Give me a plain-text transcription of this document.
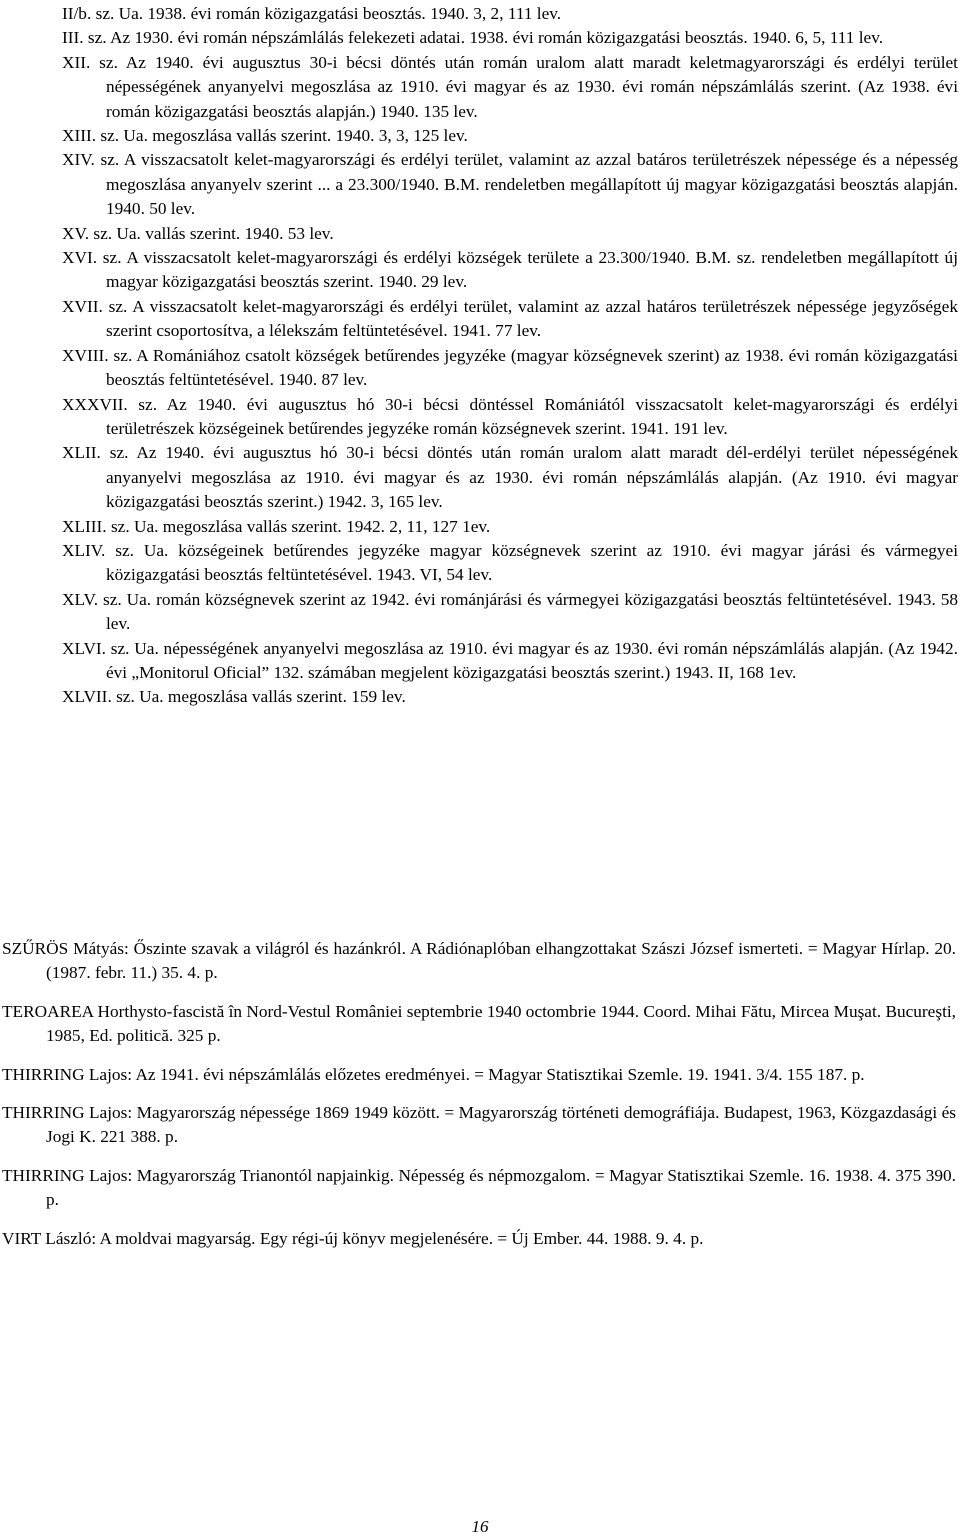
II/b. sz. Ua. 1938. évi román közigazgatási beosztás. 1940. 3, 2, 111 lev.

III. sz. Az 1930. évi román népszámlálás felekezeti adatai. 1938. évi román közigazgatási beosztás. 1940. 6, 5, 111 lev.

XII. sz. Az 1940. évi augusztus 30-i bécsi döntés után román uralom alatt maradt keletmagyarországi és erdélyi terület népességének anyanyelvi megoszlása az 1910. évi magyar és az 1930. évi román népszámlálás szerint. (Az 1938. évi román közigazgatási beosztás alapján.) 1940. 135 lev.

XIII. sz. Ua. megoszlása vallás szerint. 1940. 3, 3, 125 lev.

XIV. sz. A visszacsatolt kelet-magyarországi és erdélyi terület, valamint az azzal batáros területrészek népessége és a népesség megoszlása anyanyelv szerint ... a 23.300/1940. B.M. rendeletben megállapított új magyar közigazgatási beosztás alapján. 1940. 50 lev.

XV. sz. Ua. vallás szerint. 1940. 53 lev.

XVI. sz. A visszacsatolt kelet-magyarországi és erdélyi községek területe a 23.300/1940. B.M. sz. rendeletben megállapított új magyar közigazgatási beosztás szerint. 1940. 29 lev.

XVII. sz. A visszacsatolt kelet-magyarországi és erdélyi terület, valamint az azzal határos területrészek népessége jegyzőségek szerint csoportosítva, a lélekszám feltüntetésével. 1941. 77 lev.

XVIII. sz. A Romániához csatolt községek betűrendes jegyzéke (magyar községnevek szerint) az 1938. évi román közigazgatási beosztás feltüntetésével. 1940. 87 lev.

XXXVII. sz. Az 1940. évi augusztus hó 30-i bécsi döntéssel Romániától visszacsatolt kelet-magyarországi és erdélyi területrészek községeinek betűrendes jegyzéke román községnevek szerint. 1941. 191 lev.

XLII. sz. Az 1940. évi augusztus hó 30-i bécsi döntés után román uralom alatt maradt dél-erdélyi terület népességének anyanyelvi megoszlása az 1910. évi magyar és az 1930. évi román népszámlálás alapján. (Az 1910. évi magyar közigazgatási beosztás szerint.) 1942. 3, 165 lev.

XLIII. sz. Ua. megoszlása vallás szerint. 1942. 2, 11, 127 1ev.

XLIV. sz. Ua. községeinek betűrendes jegyzéke magyar községnevek szerint az 1910. évi magyar járási és vármegyei közigazgatási beosztás feltüntetésével. 1943. VI, 54 lev.

XLV. sz. Ua. román községnevek szerint az 1942. évi románjárási és vármegyei közigazgatási beosztás feltüntetésével. 1943. 58 lev.

XLVI. sz. Ua. népességének anyanyelvi megoszlása az 1910. évi magyar és az 1930. évi román népszámlálás alapján. (Az 1942. évi „Monitorul Oficial” 132. számában megjelent közigazgatási beosztás szerint.) 1943. II, 168 1ev.

XLVII. sz. Ua. megoszlása vallás szerint. 159 lev.

SZŰRÖS Mátyás: Őszinte szavak a világról és hazánkról. A Rádiónaplóban elhangzottakat Szászi József ismerteti. = Magyar Hírlap. 20. (1987. febr. 11.) 35. 4. p.

TEROAREA Horthysto-fascistă în Nord-Vestul României septembrie 1940 octombrie 1944. Coord. Mihai Fătu, Mircea Muşat. Bucureşti, 1985, Ed. politică. 325 p.

THIRRING Lajos: Az 1941. évi népszámlálás előzetes eredményei. = Magyar Statisztikai Szemle. 19. 1941. 3/4. 155 187. p.

THIRRING Lajos: Magyarország népessége 1869 1949 között. = Magyarország történeti demográfiája. Budapest, 1963, Közgazdasági és Jogi K. 221 388. p.

THIRRING Lajos: Magyarország Trianontól napjainkig. Népesség és népmozgalom. = Magyar Statisztikai Szemle. 16. 1938. 4. 375 390. p.

VIRT László: A moldvai magyarság. Egy régi-új könyv megjelenésére. = Új Ember. 44. 1988. 9. 4. p.

16
